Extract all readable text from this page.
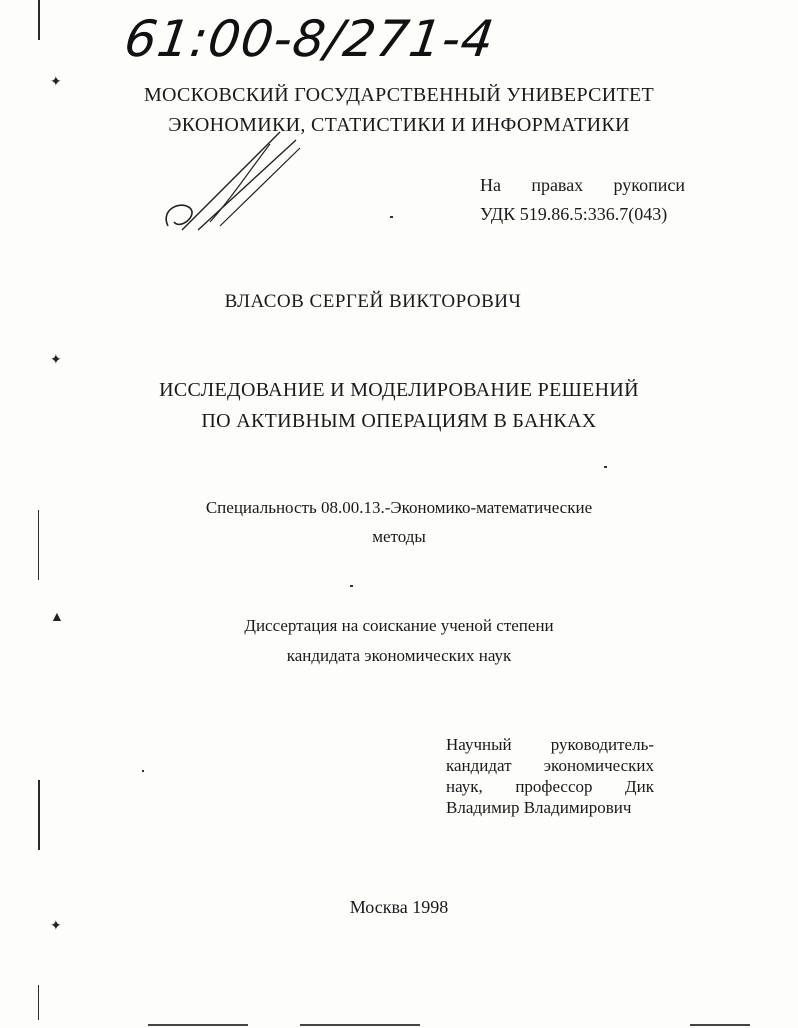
✦
✦
▲
✦
61:00-8/271-4
МОСКОВСКИЙ ГОСУДАРСТВЕННЫЙ УНИВЕРСИТЕТ
ЭКОНОМИКИ, СТАТИСТИКИ И ИНФОРМАТИКИ
На правах рукописи
УДК 519.86.5:336.7(043)
ВЛАСОВ СЕРГЕЙ ВИКТОРОВИЧ
ИССЛЕДОВАНИЕ И МОДЕЛИРОВАНИЕ РЕШЕНИЙ
ПО АКТИВНЫМ ОПЕРАЦИЯМ В БАНКАХ
Специальность 08.00.13.-Экономико-математические
методы
Диссертация на соискание ученой степени
кандидата экономических наук
Научный руководитель-
кандидат экономических
наук, профессор Дик
Владимир Владимирович
Москва 1998
